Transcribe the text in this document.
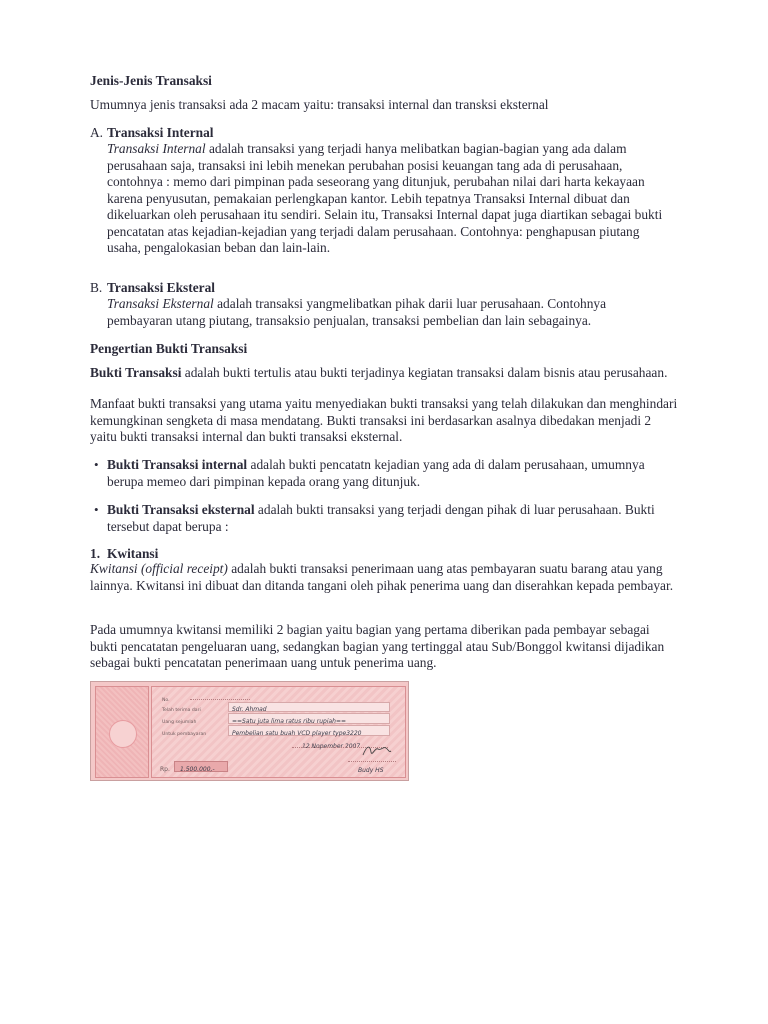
Jenis-Jenis Transaksi

Umumnya jenis transaksi ada 2 macam yaitu: transaksi internal dan transksi eksternal

A. Transaksi Internal

Transaksi Internal adalah transaksi yang terjadi hanya melibatkan bagian-bagian yang ada dalam perusahaan saja, transaksi ini lebih menekan perubahan posisi keuangan tang ada di perusahaan, contohnya : memo dari pimpinan pada seseorang yang ditunjuk, perubahan nilai dari harta kekayaan karena penyusutan, pemakaian perlengkapan kantor. Lebih tepatnya Transaksi Internal dibuat dan dikeluarkan oleh perusahaan itu sendiri. Selain itu, Transaksi Internal dapat juga diartikan sebagai bukti pencatatan atas kejadian-kejadian yang terjadi dalam perusahaan. Contohnya: penghapusan piutang usaha, pengalokasian beban dan lain-lain.

B. Transaksi Eksteral

Transaksi Eksternal adalah transaksi yangmelibatkan pihak darii luar perusahaan. Contohnya pembayaran utang piutang, transaksio penjualan, transaksi pembelian dan lain sebagainya.

Pengertian Bukti Transaksi

Bukti Transaksi adalah bukti tertulis atau bukti terjadinya kegiatan transaksi dalam bisnis atau perusahaan.

Manfaat bukti transaksi yang utama yaitu menyediakan bukti transaksi yang telah dilakukan dan menghindari kemungkinan sengketa di masa mendatang. Bukti transaksi ini berdasarkan asalnya dibedakan menjadi 2 yaitu bukti transaksi internal dan bukti transaksi eksternal.

• Bukti Transaksi internal adalah bukti pencatatn kejadian yang ada di dalam perusahaan, umumnya berupa memeo dari pimpinan kepada orang yang ditunjuk.

• Bukti Transaksi eksternal adalah bukti transaksi yang terjadi dengan pihak di luar perusahaan. Bukti tersebut dapat berupa :

1. Kwitansi

Kwitansi (official receipt) adalah bukti transaksi penerimaan uang atas pembayaran suatu barang atau yang lainnya. Kwitansi ini dibuat dan ditanda tangani oleh pihak penerima uang dan diserahkan kepada pembayar.

Pada umumnya kwitansi memiliki 2 bagian yaitu bagian yang pertama diberikan pada pembayar sebagai bukti pencatatan pengeluaran uang, sedangkan bagian yang tertinggal atau Sub/Bonggol kwitansi dijadikan sebagai bukti pencatatan penerimaan uang untuk penerima uang.

No.
Telah terima dari	Sdr. Ahmad
Uang sejumlah	==Satu juta lima ratus ribu rupiah==
Untuk pembayaran	Pembelian satu buah VCD player type3220
12 Nopember 2007
Rp. 1.500.000,-	Budy HS
